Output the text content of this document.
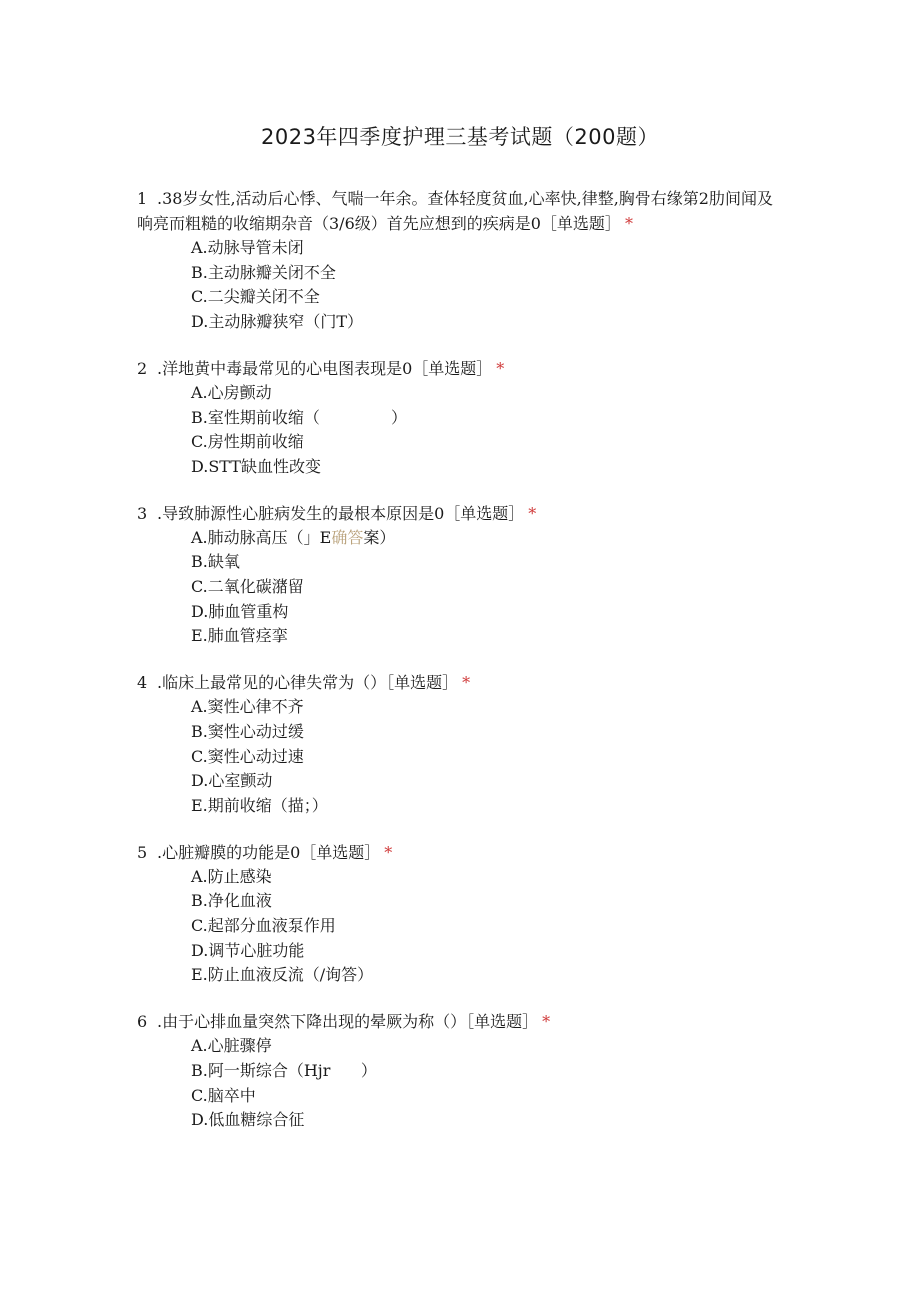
2023年四季度护理三基考试题（200题）
1 .38岁女性,活动后心悸、气喘一年余。查体轻度贫血,心率快,律整,胸骨右缘第2肋间闻及响亮而粗糙的收缩期杂音（3/6级）首先应想到的疾病是0［单选题］ *
A.动脉导管未闭
B.主动脉瓣关闭不全
C.二尖瓣关闭不全
D.主动脉瓣狭窄（门T）
2 .洋地黄中毒最常见的心电图表现是0［单选题］ *
A.心房颤动
B.室性期前收缩（              ）
C.房性期前收缩
D.STT缺血性改变
3 .导致肺源性心脏病发生的最根本原因是0［单选题］ *
A.肺动脉高压（」E确答案）
B.缺氧
C.二氧化碳潴留
D.肺血管重构
E.肺血管痉挛
4 .临床上最常见的心律失常为（）［单选题］ *
A.窦性心律不齐
B.窦性心动过缓
C.窦性心动过速
D.心室颤动
E.期前收缩（描；）
5 .心脏瓣膜的功能是0［单选题］ *
A.防止感染
B.净化血液
C.起部分血液泵作用
D.调节心脏功能
E.防止血液反流（/询答）
6 .由于心排血量突然下降出现的晕厥为称（）［单选题］ *
A.心脏骤停
B.阿一斯综合（Hjr      ）
C.脑卒中
D.低血糖综合征
